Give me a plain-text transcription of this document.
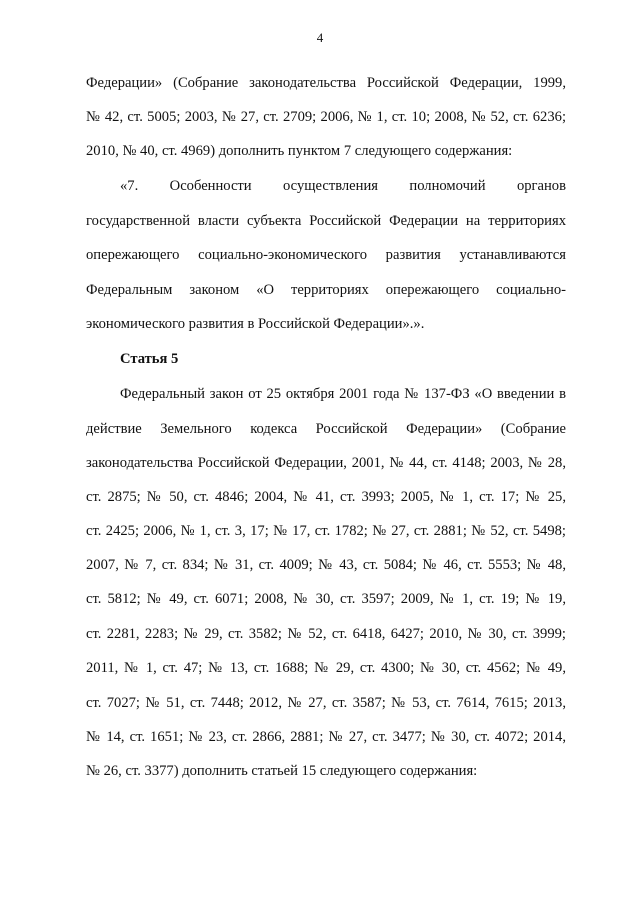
4
Федерации» (Собрание законодательства Российской Федерации, 1999,
№ 42, ст. 5005; 2003, № 27, ст. 2709; 2006, № 1, ст. 10; 2008, № 52, ст. 6236;
2010, № 40, ст. 4969) дополнить пунктом 7 следующего содержания:
«7. Особенности осуществления полномочий органов
государственной власти субъекта Российской Федерации на территориях
опережающего социально-экономического развития устанавливаются
Федеральным законом «О территориях опережающего социально-
экономического развития в Российской Федерации».».
Статья 5
Федеральный закон от 25 октября 2001 года № 137-ФЗ «О введении в
действие Земельного кодекса Российской Федерации» (Собрание
законодательства Российской Федерации, 2001, № 44, ст. 4148; 2003, № 28,
ст. 2875; № 50, ст. 4846; 2004, № 41, ст. 3993; 2005, № 1, ст. 17; № 25,
ст. 2425; 2006, № 1, ст. 3, 17; № 17, ст. 1782; № 27, ст. 2881; № 52, ст. 5498;
2007, № 7, ст. 834; № 31, ст. 4009; № 43, ст. 5084; № 46, ст. 5553; № 48,
ст. 5812; № 49, ст. 6071; 2008, № 30, ст. 3597; 2009, № 1, ст. 19; № 19,
ст. 2281, 2283; № 29, ст. 3582; № 52, ст. 6418, 6427; 2010, № 30, ст. 3999;
2011, № 1, ст. 47; № 13, ст. 1688; № 29, ст. 4300; № 30, ст. 4562; № 49,
ст. 7027; № 51, ст. 7448; 2012, № 27, ст. 3587; № 53, ст. 7614, 7615; 2013,
№ 14, ст. 1651; № 23, ст. 2866, 2881; № 27, ст. 3477; № 30, ст. 4072; 2014,
№ 26, ст. 3377) дополнить статьей 15 следующего содержания:
